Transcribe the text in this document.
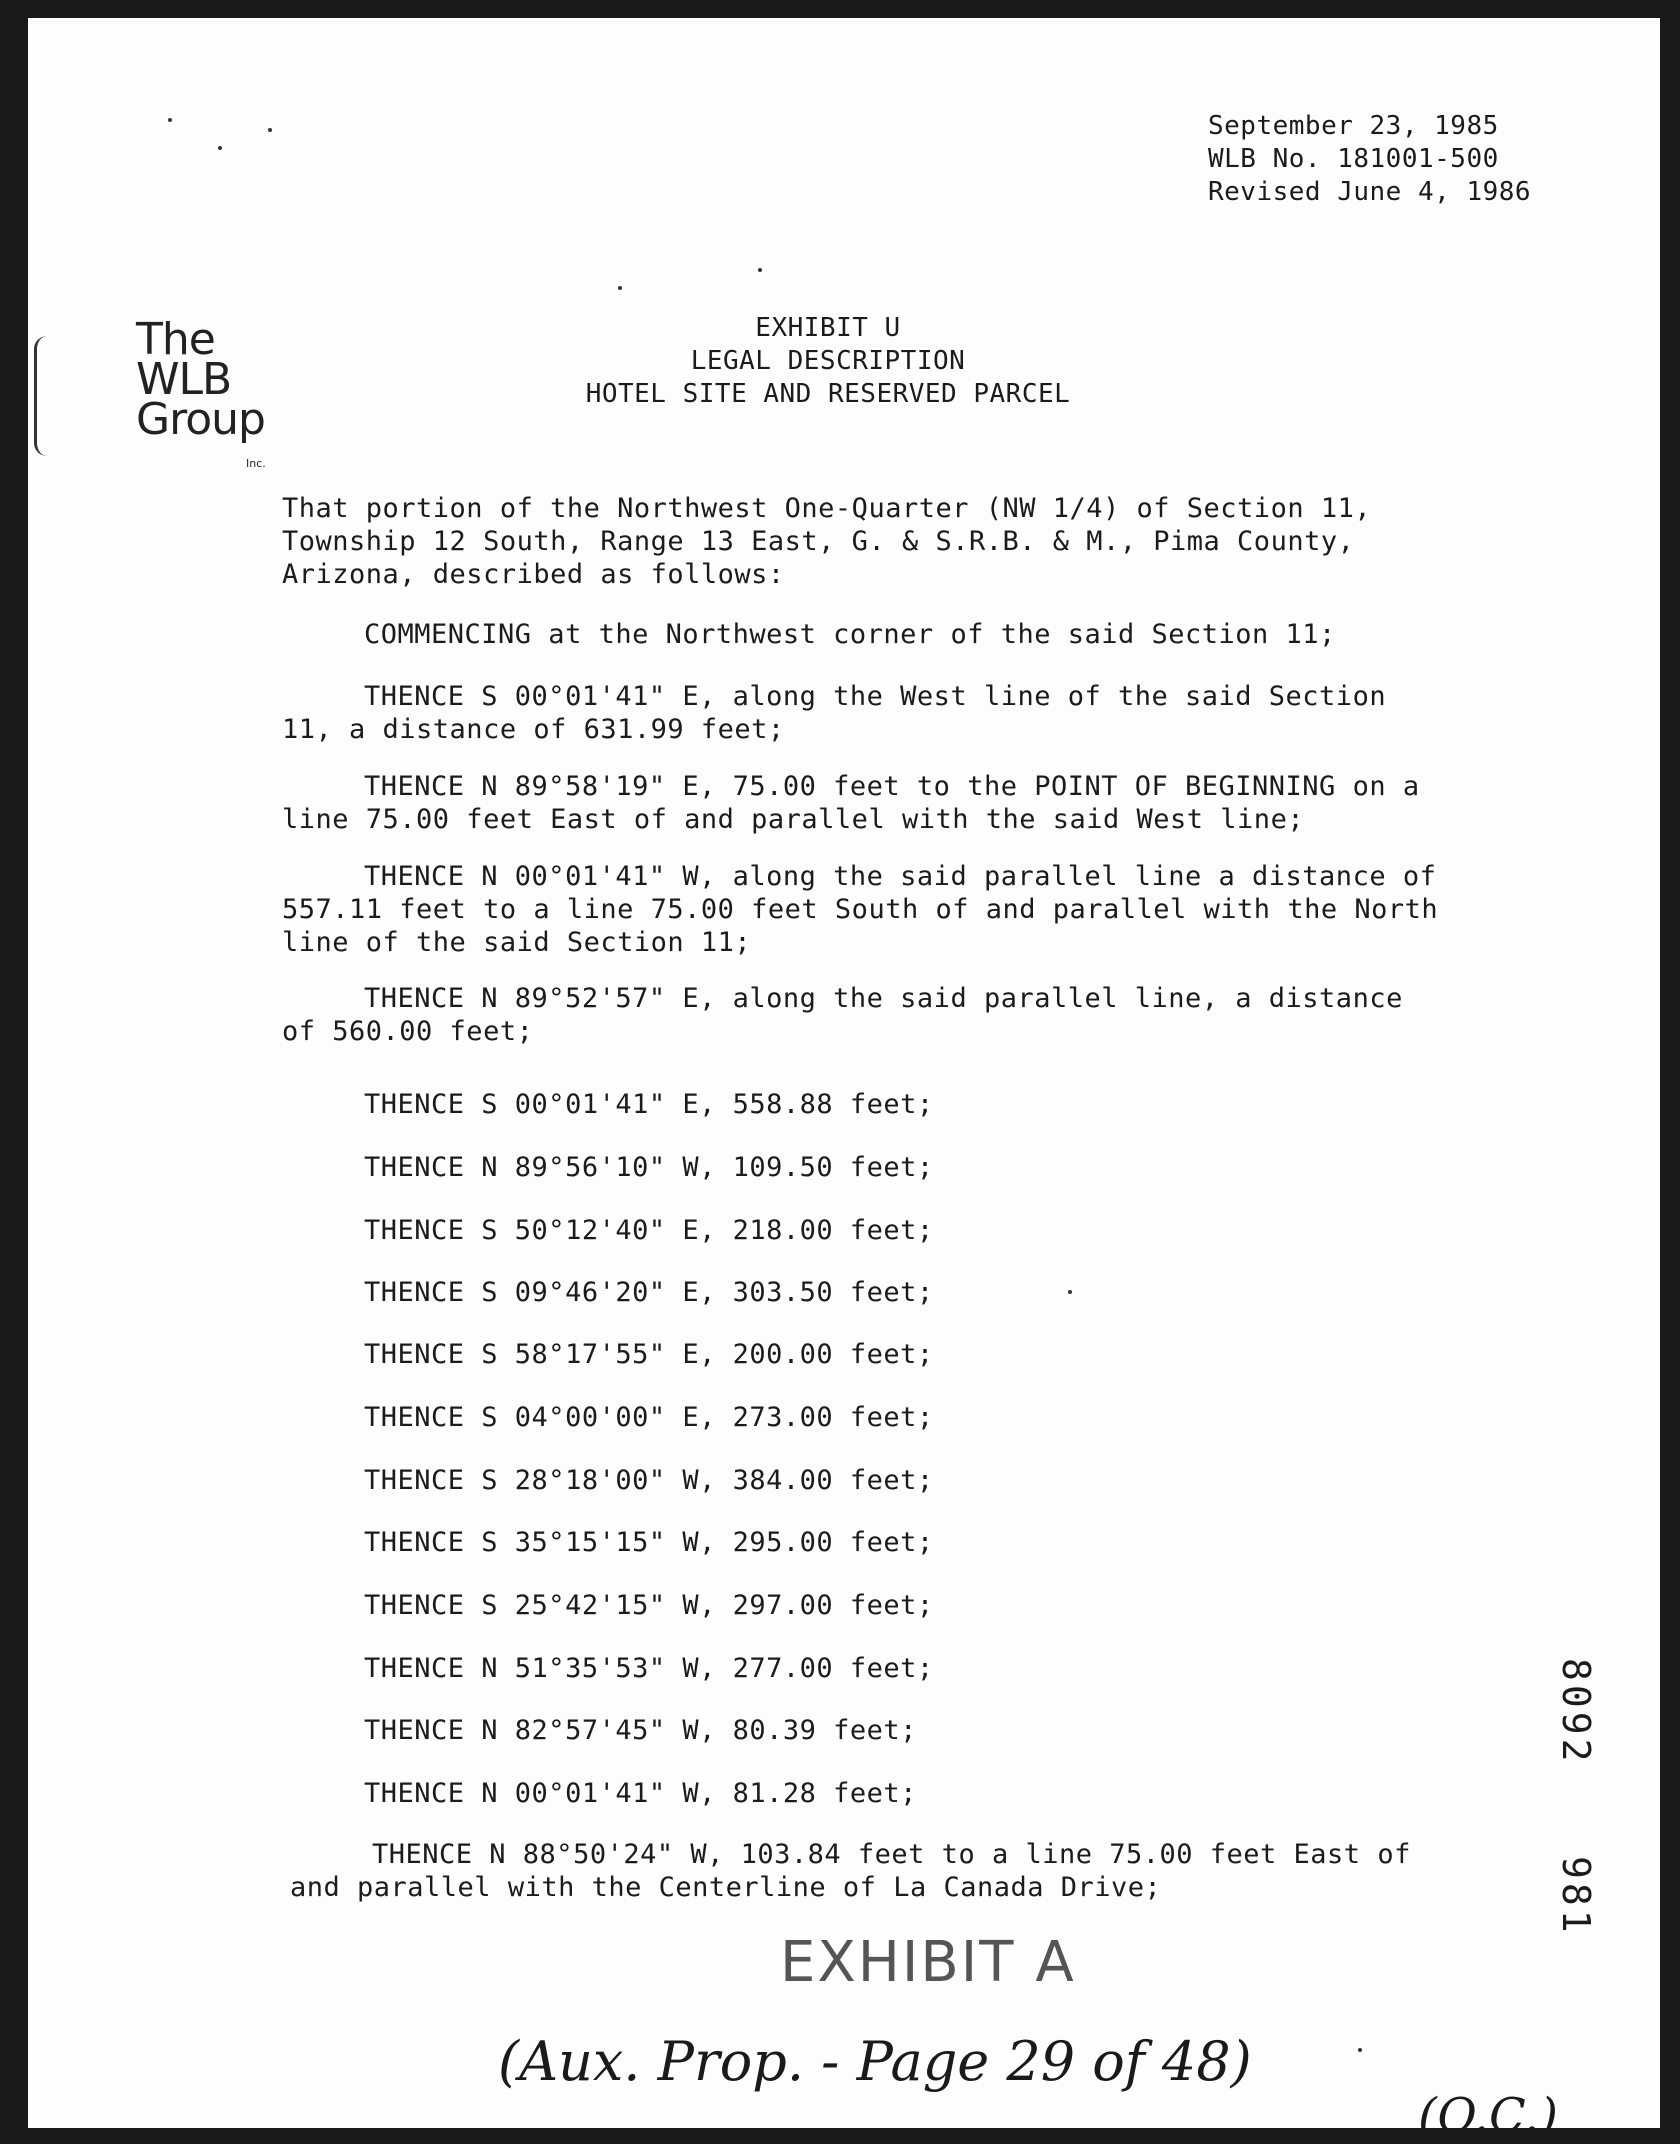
September 23, 1985
WLB No. 181001-500
Revised June 4, 1986
The
WLB
Group
Inc.
EXHIBIT U
LEGAL DESCRIPTION
HOTEL SITE AND RESERVED PARCEL
That portion of the Northwest One-Quarter (NW 1/4) of Section 11, Township 12 South, Range 13 East, G. & S.R.B. & M., Pima County, Arizona, described as follows:
COMMENCING at the Northwest corner of the said Section 11;
THENCE S 00°01'41" E, along the West line of the said Section 11, a distance of 631.99 feet;
THENCE N 89°58'19" E, 75.00 feet to the POINT OF BEGINNING on a line 75.00 feet East of and parallel with the said West line;
THENCE N 00°01'41" W, along the said parallel line a distance of 557.11 feet to a line 75.00 feet South of and parallel with the North line of the said Section 11;
THENCE N 89°52'57" E, along the said parallel line, a distance of 560.00 feet;
THENCE S 00°01'41" E, 558.88 feet;
THENCE N 89°56'10" W, 109.50 feet;
THENCE S 50°12'40" E, 218.00 feet;
THENCE S 09°46'20" E, 303.50 feet;
THENCE S 58°17'55" E, 200.00 feet;
THENCE S 04°00'00" E, 273.00 feet;
THENCE S 28°18'00" W, 384.00 feet;
THENCE S 35°15'15" W, 295.00 feet;
THENCE S 25°42'15" W, 297.00 feet;
THENCE N 51°35'53" W, 277.00 feet;
THENCE N 82°57'45" W, 80.39 feet;
THENCE N 00°01'41" W, 81.28 feet;
THENCE N 88°50'24" W, 103.84 feet to a line 75.00 feet East of and parallel with the Centerline of La Canada Drive;
EXHIBIT A
(Aux. Prop. - Page 29 of 48)
(Q.C.)
8092
981
